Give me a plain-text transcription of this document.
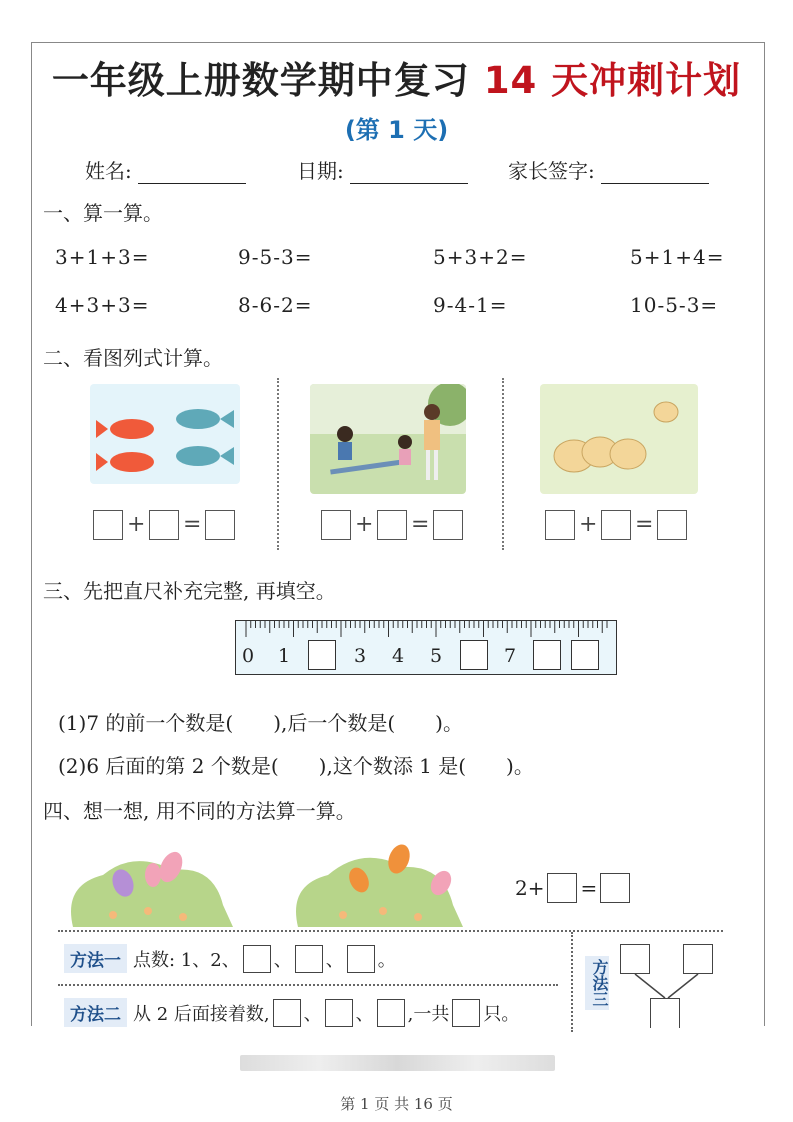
一年级上册数学期中复习 14 天冲刺计划
(第 1 天)
姓名:	日期:	家长签字:
一、算一算。
3+1+3=	9-5-3=	5+3+2=	5+1+4=
4+3+3=	8-6-2=	9-4-1=	10-5-3=
二、看图列式计算。
+ =	+ =	+ =
三、先把直尺补充完整, 再填空。
0 1	3 4 5	7
(1)7 的前一个数是(　　),后一个数是(　　)。
(2)6 后面的第 2 个数是(　　),这个数添 1 是(　　)。
四、想一想, 用不同的方法算一算。
2+ =
方法一 点数: 1、2、 、 、 。
方法二 从 2 后面接着数, 、 、 ,一共 只。
方法三
第 1 页 共 16 页
